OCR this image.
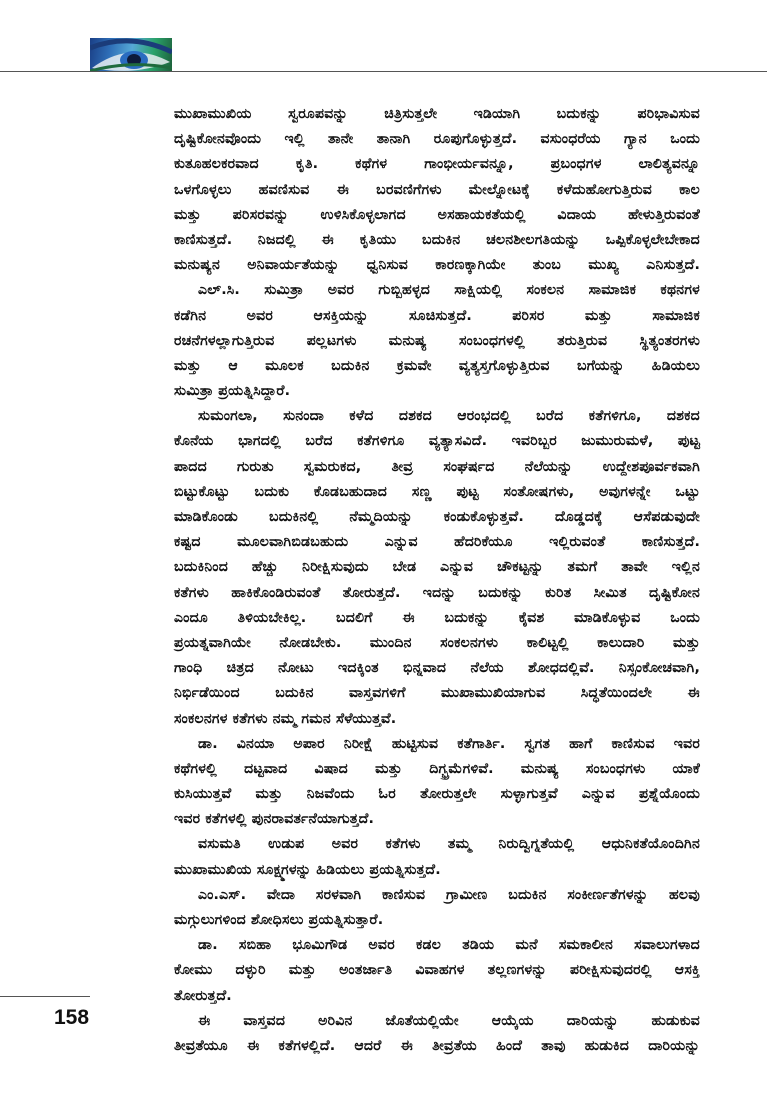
ಮುಖಾಮುಖಿಯ ಸ್ವರೂಪವನ್ನು ಚಿತ್ರಿಸುತ್ತಲೇ ಇಡಿಯಾಗಿ ಬದುಕನ್ನು ಪರಿಭಾವಿಸುವ
ದೃಷ್ಟಿಕೋನವೊಂದು ಇಲ್ಲಿ ತಾನೇ ತಾನಾಗಿ ರೂಪುಗೊಳ್ಳುತ್ತದೆ. ವಸುಂಧರೆಯ ಗ್ಯಾನ ಒಂದು
ಕುತೂಹಲಕರವಾದ ಕೃತಿ. ಕಥೆಗಳ ಗಾಂಭೀರ್ಯವನ್ನೂ, ಪ್ರಬಂಧಗಳ ಲಾಲಿತ್ಯವನ್ನೂ
ಒಳಗೊಳ್ಳಲು ಹವಣಿಸುವ ಈ ಬರವಣಿಗೆಗಳು ಮೇಲ್ನೋಟಕ್ಕೆ ಕಳೆದುಹೋಗುತ್ತಿರುವ ಕಾಲ
ಮತ್ತು ಪರಿಸರವನ್ನು ಉಳಿಸಿಕೊಳ್ಳಲಾಗದ ಅಸಹಾಯಕತೆಯಲ್ಲಿ ವಿದಾಯ ಹೇಳುತ್ತಿರುವಂತೆ
ಕಾಣಿಸುತ್ತದೆ. ನಿಜದಲ್ಲಿ ಈ ಕೃತಿಯು ಬದುಕಿನ ಚಲನಶೀಲಗತಿಯನ್ನು ಒಪ್ಪಿಕೊಳ್ಳಲೇಬೇಕಾದ
ಮನುಷ್ಯನ ಅನಿವಾರ್ಯತೆಯನ್ನು ಧ್ವನಿಸುವ ಕಾರಣಕ್ಕಾಗಿಯೇ ತುಂಬ ಮುಖ್ಯ ಎನಿಸುತ್ತದೆ.
ಎಲ್.ಸಿ. ಸುಮಿತ್ರಾ ಅವರ ಗುಬ್ಬಿಹಳ್ಳದ ಸಾಕ್ಷಿಯಲ್ಲಿ ಸಂಕಲನ ಸಾಮಾಜಿಕ ಕಥನಗಳ
ಕಡೆಗಿನ ಅವರ ಆಸಕ್ತಿಯನ್ನು ಸೂಚಿಸುತ್ತದೆ. ಪರಿಸರ ಮತ್ತು ಸಾಮಾಜಿಕ
ರಚನೆಗಳಲ್ಲಾಗುತ್ತಿರುವ ಪಲ್ಲಟಗಳು ಮನುಷ್ಯ ಸಂಬಂಧಗಳಲ್ಲಿ ತರುತ್ತಿರುವ ಸ್ಥಿತ್ಯಂತರಗಳು
ಮತ್ತು ಆ ಮೂಲಕ ಬದುಕಿನ ಕ್ರಮವೇ ವ್ಯತ್ಯಸ್ತಗೊಳ್ಳುತ್ತಿರುವ ಬಗೆಯನ್ನು ಹಿಡಿಯಲು
ಸುಮಿತ್ರಾ ಪ್ರಯತ್ನಿಸಿದ್ದಾರೆ.
ಸುಮಂಗಲಾ, ಸುನಂದಾ ಕಳೆದ ದಶಕದ ಆರಂಭದಲ್ಲಿ ಬರೆದ ಕತೆಗಳಿಗೂ, ದಶಕದ
ಕೊನೆಯ ಭಾಗದಲ್ಲಿ ಬರೆದ ಕತೆಗಳಿಗೂ ವ್ಯತ್ಯಾಸವಿದೆ. ಇವರಿಬ್ಬರ ಜುಮುರುಮಳೆ, ಪುಟ್ಟ
ಪಾದದ ಗುರುತು ಸ್ವಮರುಕದ, ತೀವ್ರ ಸಂಘರ್ಷದ ನೆಲೆಯನ್ನು ಉದ್ದೇಶಪೂರ್ವಕವಾಗಿ
ಬಿಟ್ಟುಕೊಟ್ಟು ಬದುಕು ಕೊಡಬಹುದಾದ ಸಣ್ಣ ಪುಟ್ಟ ಸಂತೋಷಗಳು, ಅವುಗಳನ್ನೇ ಒಟ್ಟು
ಮಾಡಿಕೊಂಡು ಬದುಕಿನಲ್ಲಿ ನೆಮ್ಮದಿಯನ್ನು ಕಂಡುಕೊಳ್ಳುತ್ತವೆ. ದೊಡ್ಡದಕ್ಕೆ ಆಸೆಪಡುವುದೇ
ಕಷ್ಟದ ಮೂಲವಾಗಿಬಿಡಬಹುದು ಎನ್ನುವ ಹೆದರಿಕೆಯೂ ಇಲ್ಲಿರುವಂತೆ ಕಾಣಿಸುತ್ತದೆ.
ಬದುಕಿನಿಂದ ಹೆಚ್ಚು ನಿರೀಕ್ಷಿಸುವುದು ಬೇಡ ಎನ್ನುವ ಚೌಕಟ್ಟನ್ನು ತಮಗೆ ತಾವೇ ಇಲ್ಲಿನ
ಕತೆಗಳು ಹಾಕಿಕೊಂಡಿರುವಂತೆ ತೋರುತ್ತದೆ. ಇದನ್ನು ಬದುಕನ್ನು ಕುರಿತ ಸೀಮಿತ ದೃಷ್ಟಿಕೋನ
ಎಂದೂ ತಿಳಿಯಬೇಕಿಲ್ಲ. ಬದಲಿಗೆ ಈ ಬದುಕನ್ನು ಕೈವಶ ಮಾಡಿಕೊಳ್ಳುವ ಒಂದು
ಪ್ರಯತ್ನವಾಗಿಯೇ ನೋಡಬೇಕು. ಮುಂದಿನ ಸಂಕಲನಗಳು ಕಾಲಿಟ್ಟಲ್ಲಿ ಕಾಲುದಾರಿ ಮತ್ತು
ಗಾಂಧಿ ಚಿತ್ರದ ನೋಟು ಇದಕ್ಕಿಂತ ಭಿನ್ನವಾದ ನೆಲೆಯ ಶೋಧದಲ್ಲಿವೆ. ನಿಸ್ಸಂಕೋಚವಾಗಿ,
ನಿರ್ಭಿಡೆಯಿಂದ ಬದುಕಿನ ವಾಸ್ತವಗಳಿಗೆ ಮುಖಾಮುಖಿಯಾಗುವ ಸಿದ್ಧತೆಯಿಂದಲೇ ಈ
ಸಂಕಲನಗಳ ಕತೆಗಳು ನಮ್ಮ ಗಮನ ಸೆಳೆಯುತ್ತವೆ.
ಡಾ. ವಿನಯಾ ಅಪಾರ ನಿರೀಕ್ಷೆ ಹುಟ್ಟಿಸುವ ಕತೆಗಾರ್ತಿ. ಸ್ವಗತ ಹಾಗೆ ಕಾಣಿಸುವ ಇವರ
ಕಥೆಗಳಲ್ಲಿ ದಟ್ಟವಾದ ವಿಷಾದ ಮತ್ತು ದಿಗ್ಭ್ರಮೆಗಳಿವೆ. ಮನುಷ್ಯ ಸಂಬಂಧಗಳು ಯಾಕೆ
ಕುಸಿಯುತ್ತವೆ ಮತ್ತು ನಿಜವೆಂದು ಓರ ತೋರುತ್ತಲೇ ಸುಳ್ಳಾಗುತ್ತವೆ ಎನ್ನುವ ಪ್ರಶ್ನೆಯೊಂದು
ಇವರ ಕತೆಗಳಲ್ಲಿ ಪುನರಾವರ್ತನೆಯಾಗುತ್ತದೆ.
ವಸುಮತಿ ಉಡುಪ ಅವರ ಕತೆಗಳು ತಮ್ಮ ನಿರುದ್ವಿಗ್ನತೆಯಲ್ಲಿ ಆಧುನಿಕತೆಯೊಂದಿಗಿನ
ಮುಖಾಮುಖಿಯ ಸೂಕ್ಷ್ಮಗಳನ್ನು ಹಿಡಿಯಲು ಪ್ರಯತ್ನಿಸುತ್ತದೆ.
ಎಂ.ಎಸ್. ವೇದಾ ಸರಳವಾಗಿ ಕಾಣಿಸುವ ಗ್ರಾಮೀಣ ಬದುಕಿನ ಸಂಕೀರ್ಣತೆಗಳನ್ನು ಹಲವು
ಮಗ್ಗುಲುಗಳಿಂದ ಶೋಧಿಸಲು ಪ್ರಯತ್ನಿಸುತ್ತಾರೆ.
ಡಾ. ಸಬಿಹಾ ಭೂಮಿಗೌಡ ಅವರ ಕಡಲ ತಡಿಯ ಮನೆ ಸಮಕಾಲೀನ ಸವಾಲುಗಳಾದ
ಕೋಮು ದಳ್ಳುರಿ ಮತ್ತು ಅಂತರ್ಜಾತಿ ವಿವಾಹಗಳ ತಲ್ಲಣಗಳನ್ನು ಪರೀಕ್ಷಿಸುವುದರಲ್ಲಿ ಆಸಕ್ತಿ
ತೋರುತ್ತದೆ.
ಈ ವಾಸ್ತವದ ಅರಿವಿನ ಜೊತೆಯಲ್ಲಿಯೇ ಆಯ್ಕೆಯ ದಾರಿಯನ್ನು ಹುಡುಕುವ
ತೀವ್ರತೆಯೂ ಈ ಕತೆಗಳಲ್ಲಿದೆ. ಆದರೆ ಈ ತೀವ್ರತೆಯ ಹಿಂದೆ ತಾವು ಹುಡುಕಿದ ದಾರಿಯನ್ನು
158
